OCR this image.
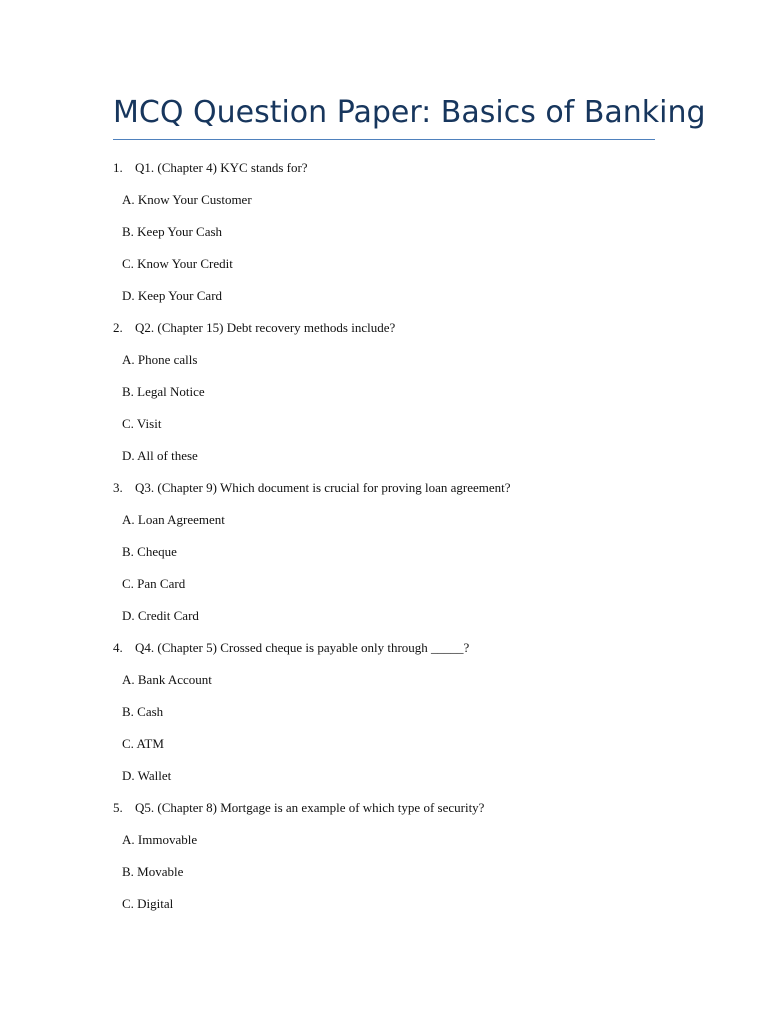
MCQ Question Paper: Basics of Banking
1. Q1. (Chapter 4) KYC stands for?
A. Know Your Customer
B. Keep Your Cash
C. Know Your Credit
D. Keep Your Card
2. Q2. (Chapter 15) Debt recovery methods include?
A. Phone calls
B. Legal Notice
C. Visit
D. All of these
3. Q3. (Chapter 9) Which document is crucial for proving loan agreement?
A. Loan Agreement
B. Cheque
C. Pan Card
D. Credit Card
4. Q4. (Chapter 5) Crossed cheque is payable only through _____?
A. Bank Account
B. Cash
C. ATM
D. Wallet
5. Q5. (Chapter 8) Mortgage is an example of which type of security?
A. Immovable
B. Movable
C. Digital
